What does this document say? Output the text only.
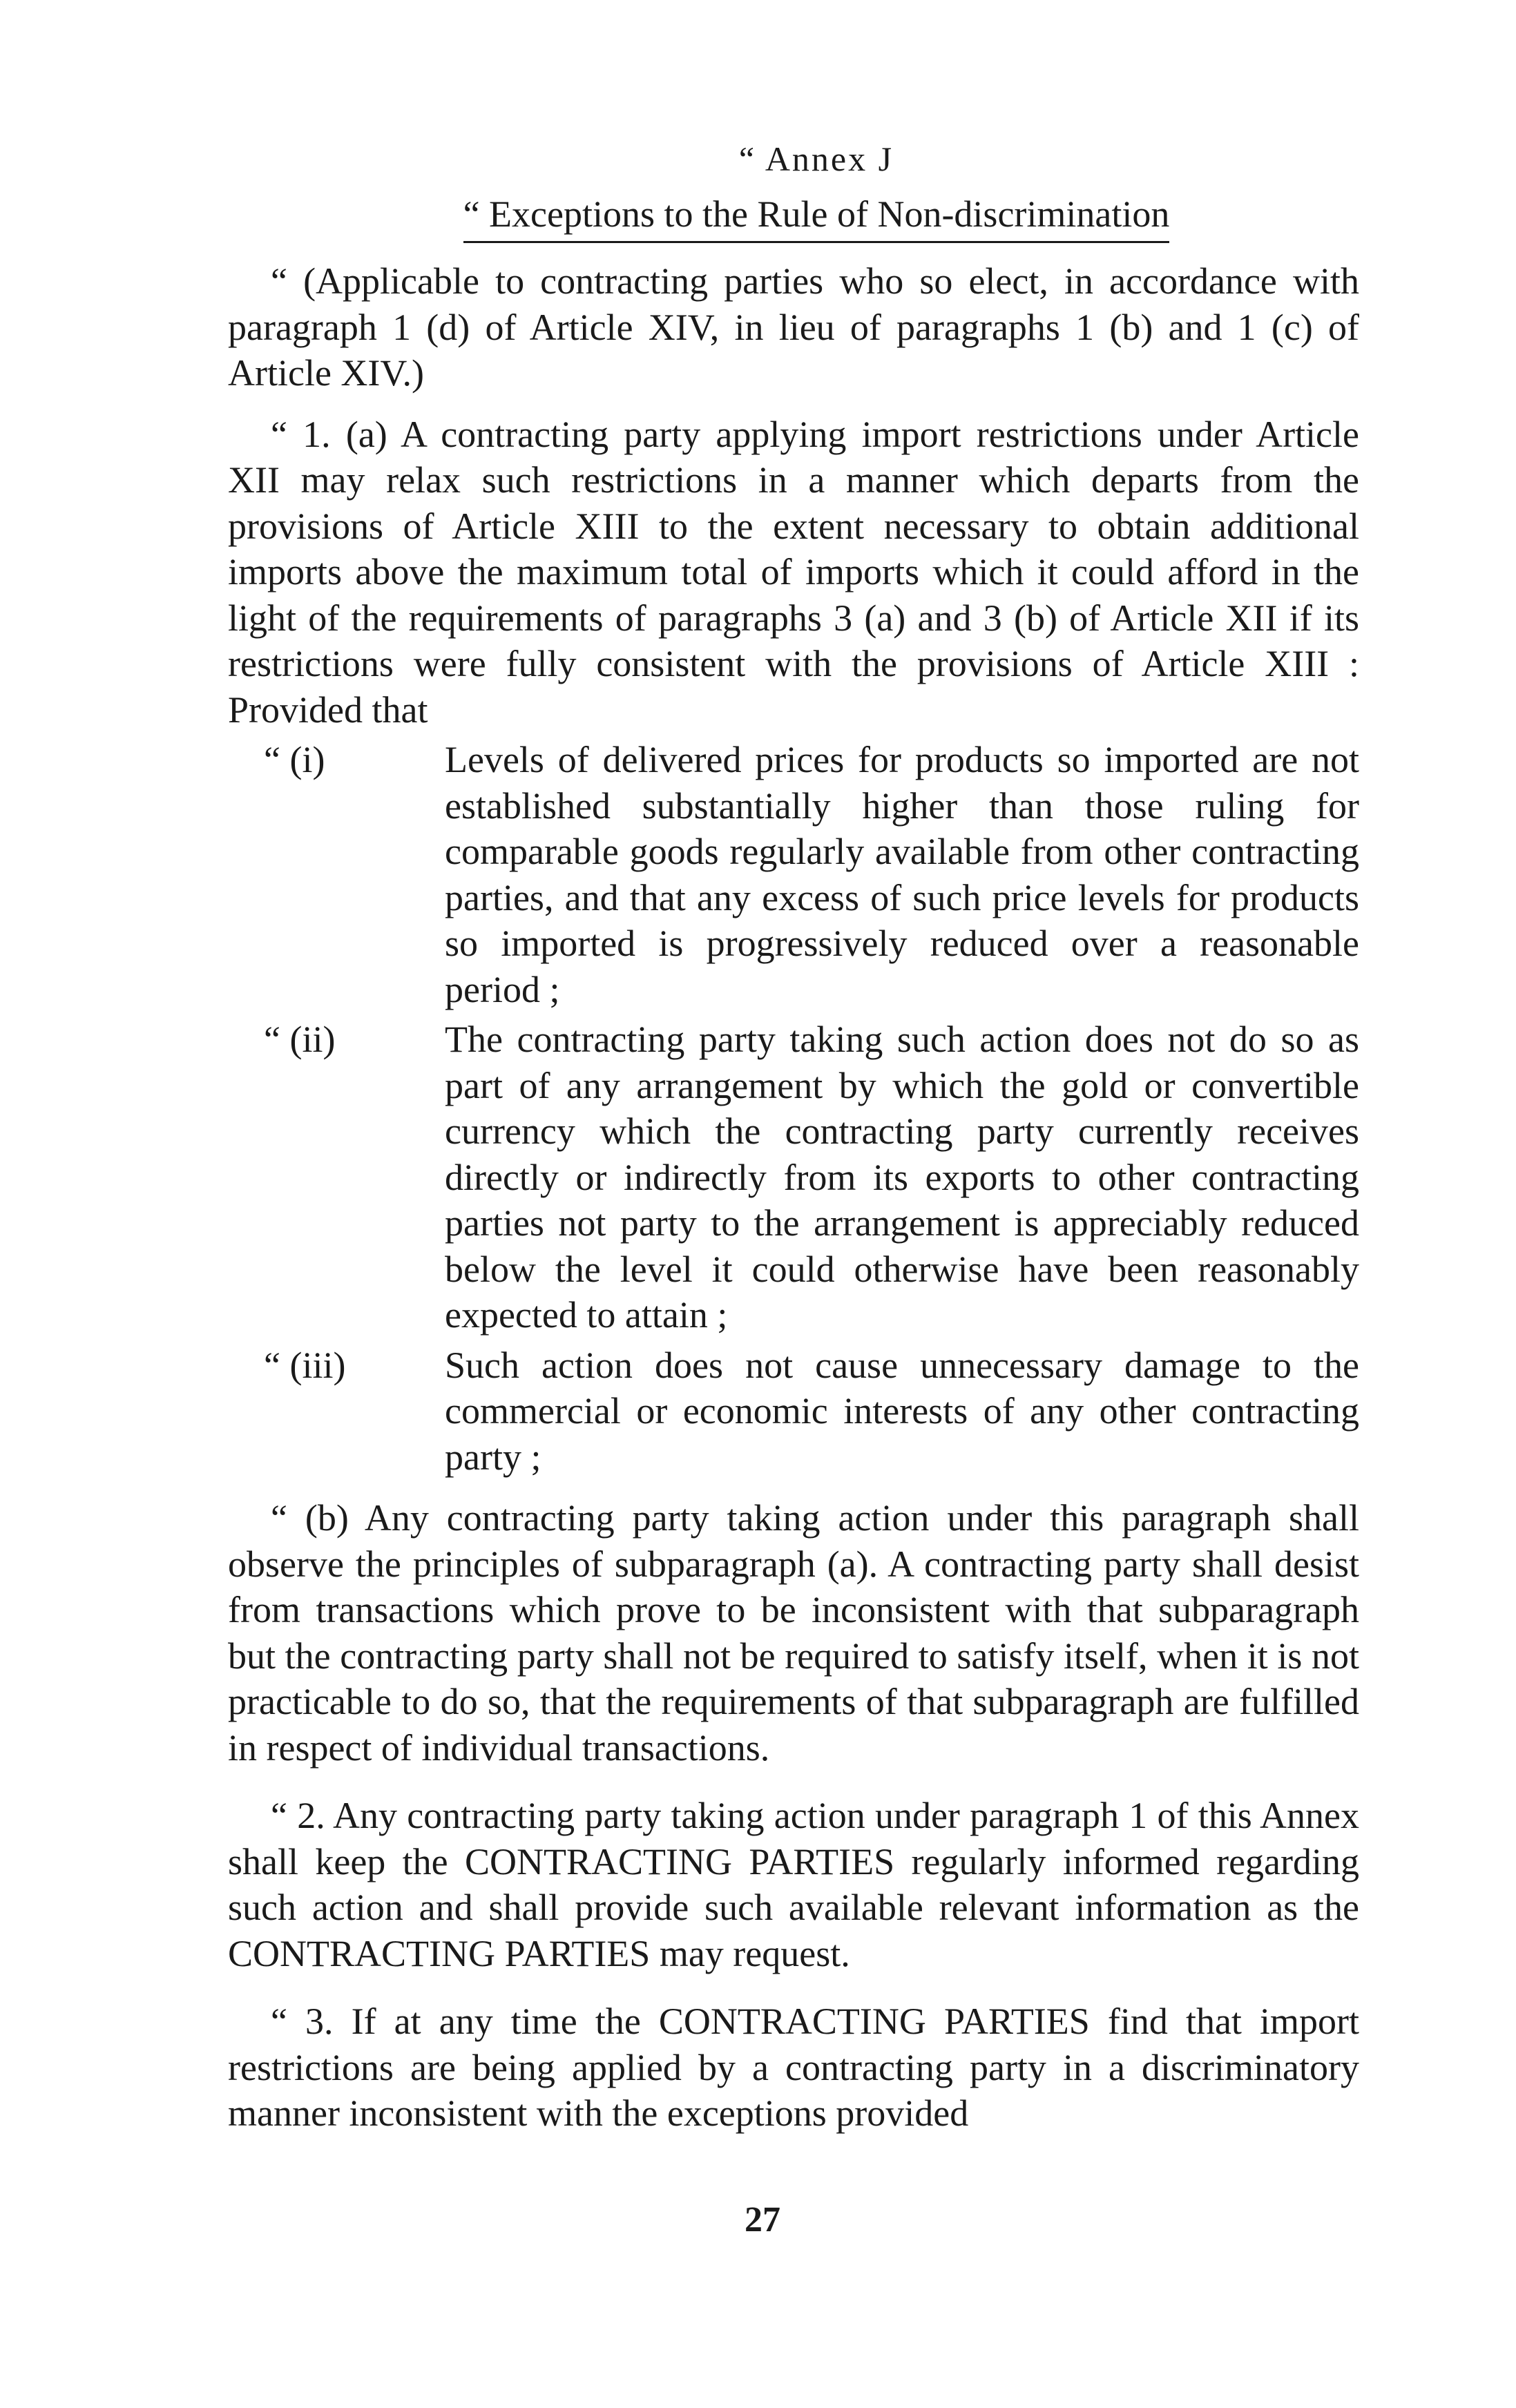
“ Annex J
“ Exceptions to the Rule of Non-discrimination

“ (Applicable to contracting parties who so elect, in accordance with paragraph 1 (d) of Article XIV, in lieu of paragraphs 1 (b) and 1 (c) of Article XIV.)

“ 1. (a) A contracting party applying import restrictions under Article XII may relax such restrictions in a manner which departs from the provisions of Article XIII to the extent necessary to obtain additional imports above the maximum total of imports which it could afford in the light of the requirements of paragraphs 3 (a) and 3 (b) of Article XII if its restrictions were fully consistent with the provisions of Article XIII : Provided that

“ (i)	Levels of delivered prices for products so imported are not established substantially higher than those ruling for comparable goods regularly available from other contracting parties, and that any excess of such price levels for products so imported is progressively reduced over a reasonable period ;
“ (ii)	The contracting party taking such action does not do so as part of any arrangement by which the gold or convertible currency which the contracting party currently receives directly or indirectly from its exports to other contracting parties not party to the arrangement is appreciably reduced below the level it could otherwise have been reasonably expected to attain ;
“ (iii)	Such action does not cause unnecessary damage to the commercial or economic interests of any other contracting party ;

“ (b) Any contracting party taking action under this paragraph shall observe the principles of subparagraph (a). A contracting party shall desist from transactions which prove to be inconsistent with that subparagraph but the contracting party shall not be required to satisfy itself, when it is not practicable to do so, that the requirements of that subparagraph are fulfilled in respect of individual transactions.

“ 2. Any contracting party taking action under paragraph 1 of this Annex shall keep the CONTRACTING PARTIES regularly informed regarding such action and shall provide such available relevant information as the CONTRACTING PARTIES may request.

“ 3. If at any time the CONTRACTING PARTIES find that import restrictions are being applied by a contracting party in a discriminatory manner inconsistent with the exceptions provided

27
